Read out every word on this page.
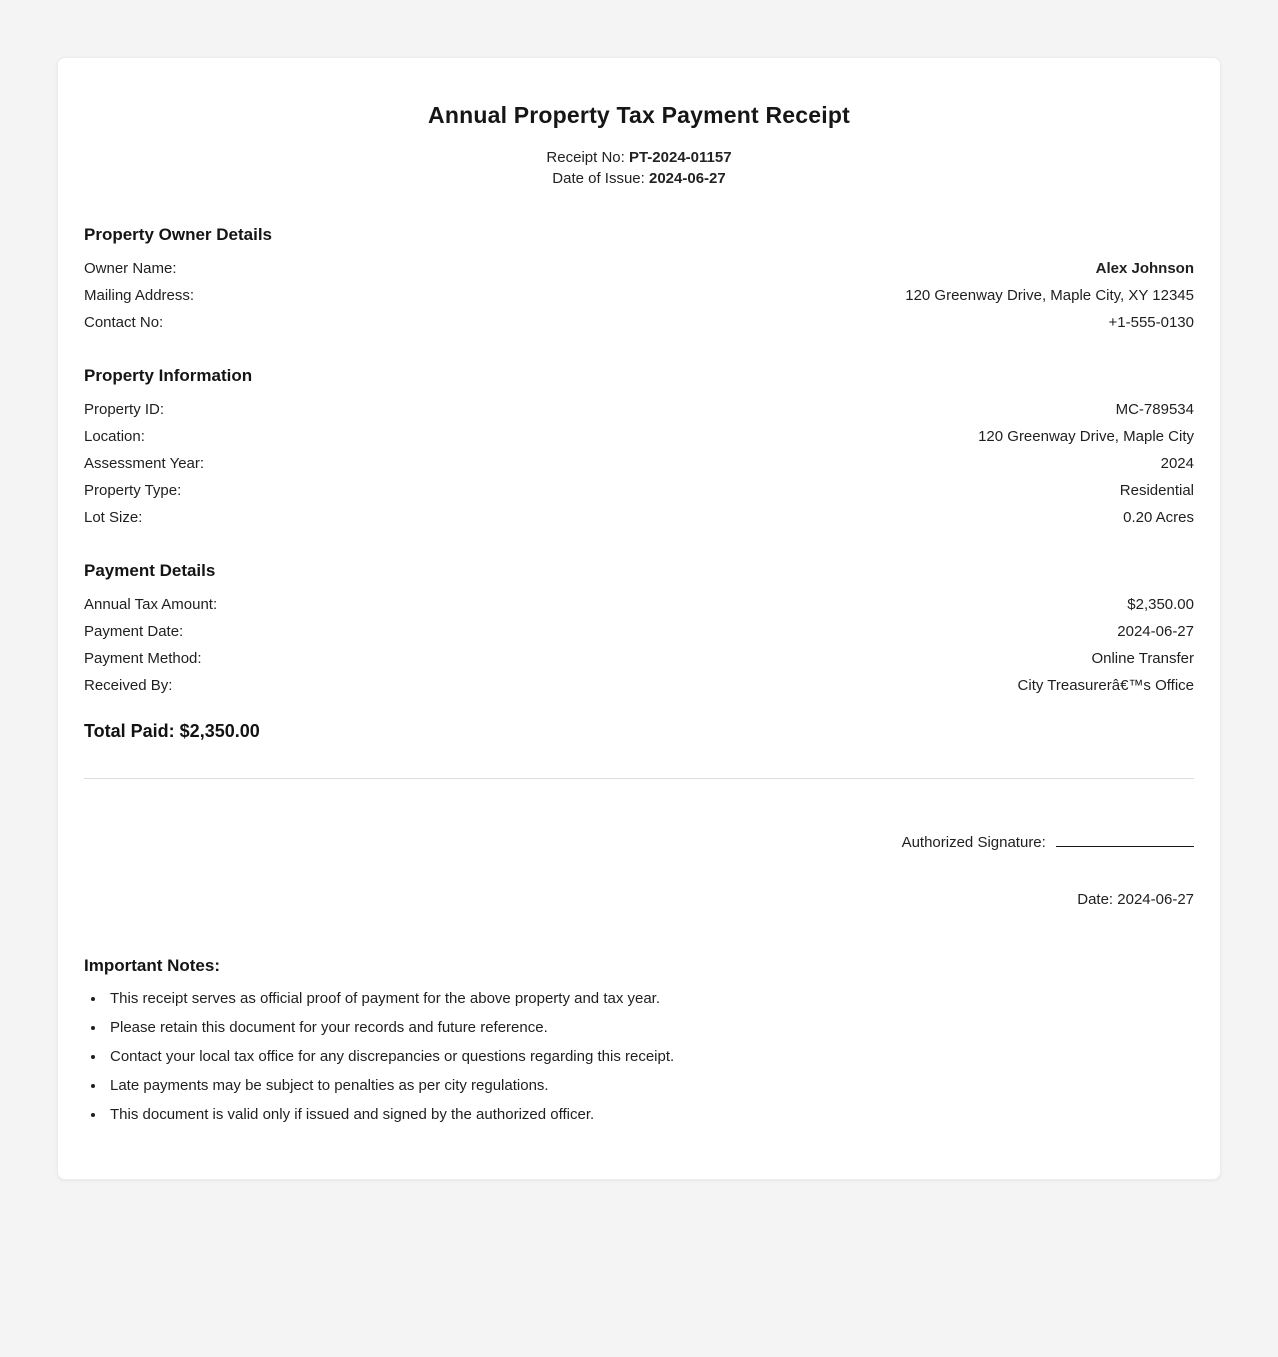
Annual Property Tax Payment Receipt
Receipt No: PT-2024-01157
Date of Issue: 2024-06-27
Property Owner Details
Owner Name:	Alex Johnson
Mailing Address:	120 Greenway Drive, Maple City, XY 12345
Contact No:	+1-555-0130
Property Information
Property ID:	MC-789534
Location:	120 Greenway Drive, Maple City
Assessment Year:	2024
Property Type:	Residential
Lot Size:	0.20 Acres
Payment Details
Annual Tax Amount:	$2,350.00
Payment Date:	2024-06-27
Payment Method:	Online Transfer
Received By:	City Treasurerâ€™s Office
Total Paid: $2,350.00
Authorized Signature:
Date: 2024-06-27
Important Notes:
• This receipt serves as official proof of payment for the above property and tax year.
• Please retain this document for your records and future reference.
• Contact your local tax office for any discrepancies or questions regarding this receipt.
• Late payments may be subject to penalties as per city regulations.
• This document is valid only if issued and signed by the authorized officer.
